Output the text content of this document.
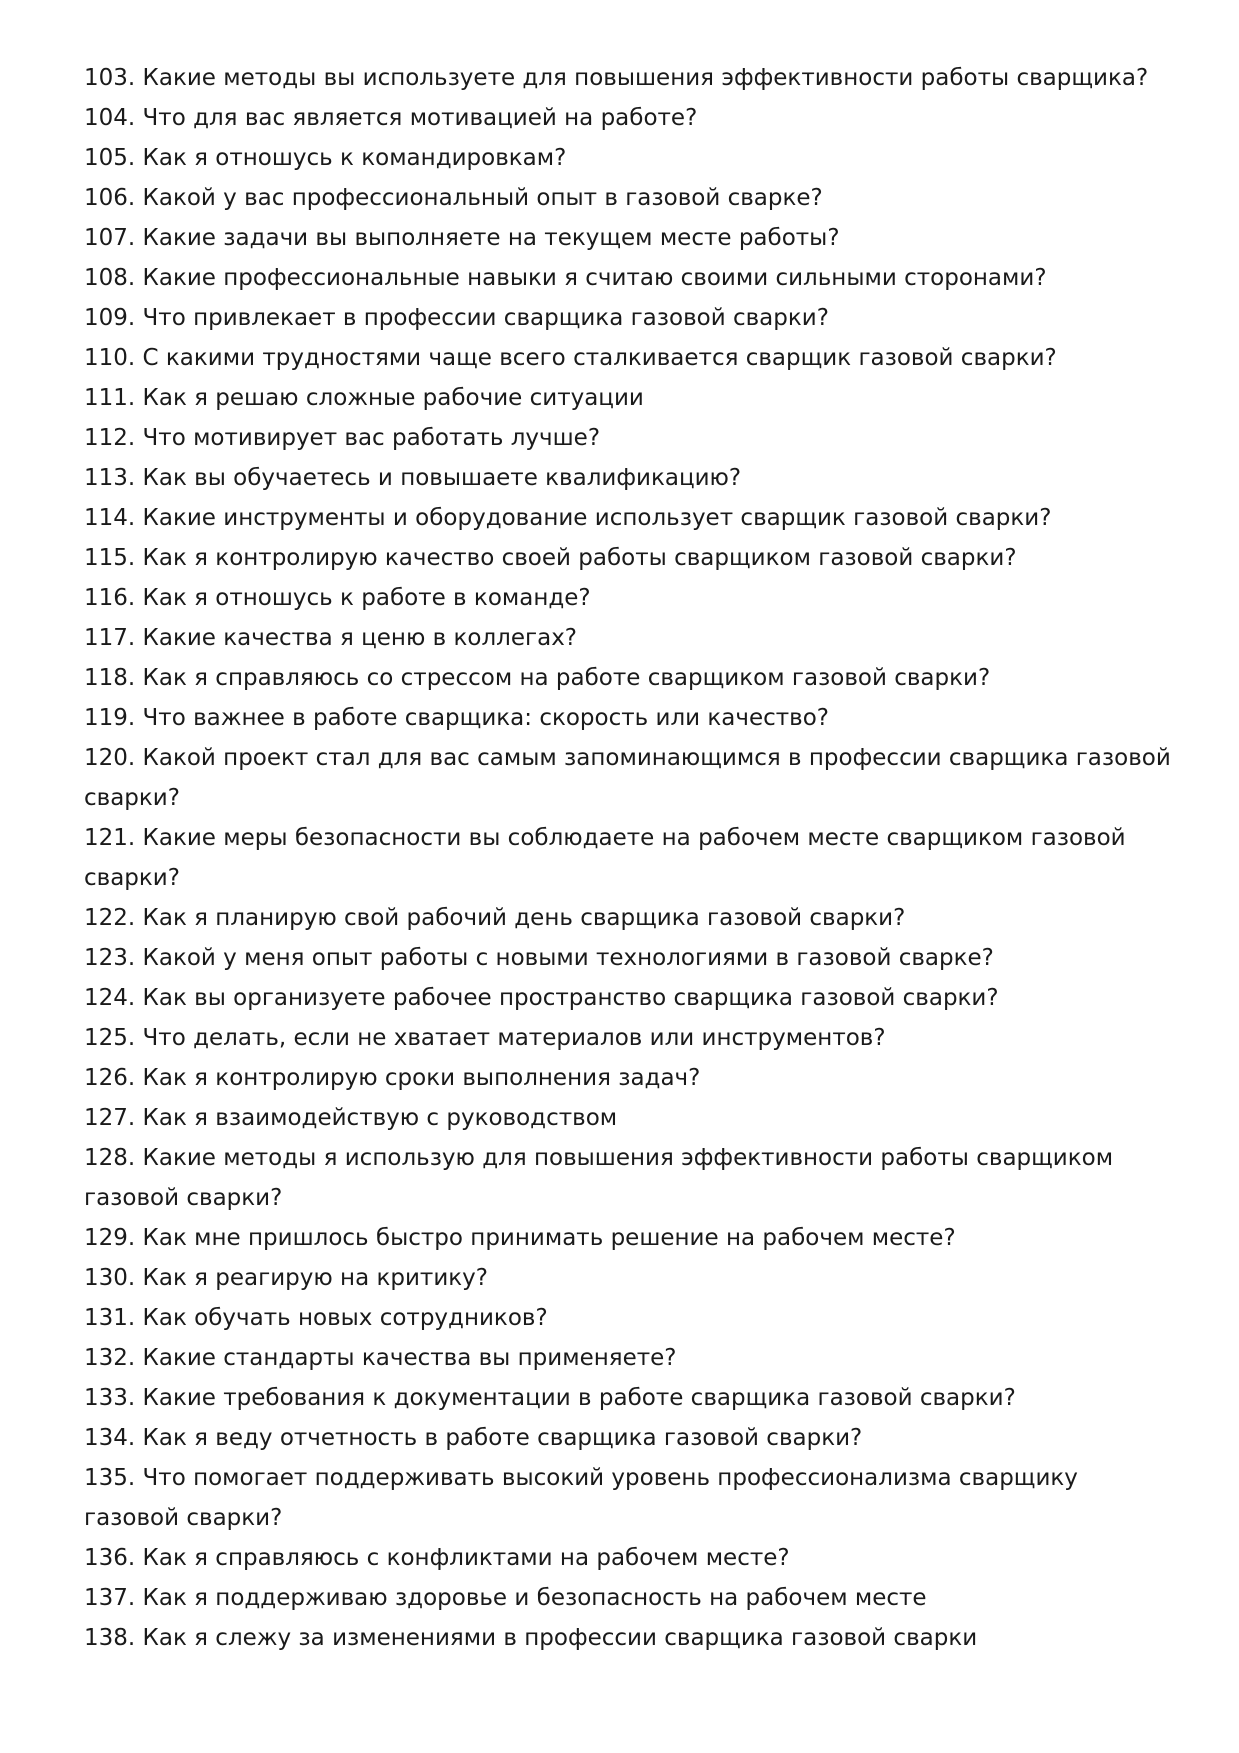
103. Какие методы вы используете для повышения эффективности работы сварщика?

104. Что для вас является мотивацией на работе?

105. Как я отношусь к командировкам?

106. Какой у вас профессиональный опыт в газовой сварке?

107. Какие задачи вы выполняете на текущем месте работы?

108. Какие профессиональные навыки я считаю своими сильными сторонами?

109. Что привлекает в профессии сварщика газовой сварки?

110. С какими трудностями чаще всего сталкивается сварщик газовой сварки?

111. Как я решаю сложные рабочие ситуации

112. Что мотивирует вас работать лучше?

113. Как вы обучаетесь и повышаете квалификацию?

114. Какие инструменты и оборудование использует сварщик газовой сварки?

115. Как я контролирую качество своей работы сварщиком газовой сварки?

116. Как я отношусь к работе в команде?

117. Какие качества я ценю в коллегах?

118. Как я справляюсь со стрессом на работе сварщиком газовой сварки?

119. Что важнее в работе сварщика: скорость или качество?

120. Какой проект стал для вас самым запоминающимся в профессии сварщика газовой сварки?

121. Какие меры безопасности вы соблюдаете на рабочем месте сварщиком газовой сварки?

122. Как я планирую свой рабочий день сварщика газовой сварки?

123. Какой у меня опыт работы с новыми технологиями в газовой сварке?

124. Как вы организуете рабочее пространство сварщика газовой сварки?

125. Что делать, если не хватает материалов или инструментов?

126. Как я контролирую сроки выполнения задач?

127. Как я взаимодействую с руководством

128. Какие методы я использую для повышения эффективности работы сварщиком газовой сварки?

129. Как мне пришлось быстро принимать решение на рабочем месте?

130. Как я реагирую на критику?

131. Как обучать новых сотрудников?

132. Какие стандарты качества вы применяете?

133. Какие требования к документации в работе сварщика газовой сварки?

134. Как я веду отчетность в работе сварщика газовой сварки?

135. Что помогает поддерживать высокий уровень профессионализма сварщику газовой сварки?

136. Как я справляюсь с конфликтами на рабочем месте?

137. Как я поддерживаю здоровье и безопасность на рабочем месте

138. Как я слежу за изменениями в профессии сварщика газовой сварки
